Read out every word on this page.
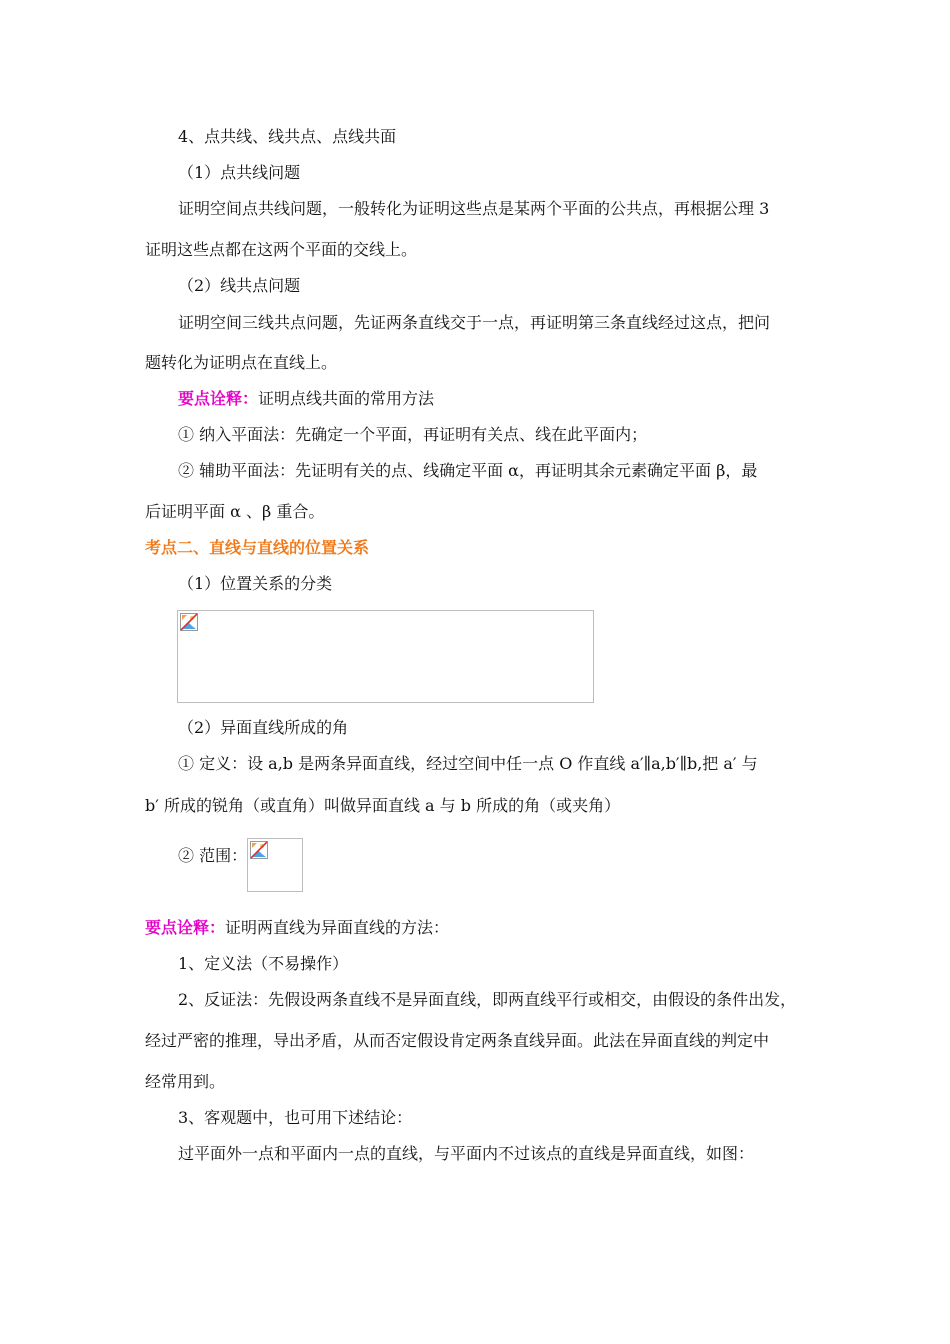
4、点共线、线共点、点线共面
（1）点共线问题
证明空间点共线问题，一般转化为证明这些点是某两个平面的公共点，再根据公理 3
证明这些点都在这两个平面的交线上。
（2）线共点问题
证明空间三线共点问题，先证两条直线交于一点，再证明第三条直线经过这点，把问
题转化为证明点在直线上。
要点诠释：证明点线共面的常用方法
① 纳入平面法：先确定一个平面，再证明有关点、线在此平面内；
② 辅助平面法：先证明有关的点、线确定平面 α，再证明其余元素确定平面 β，最
后证明平面 α 、β 重合。
考点二、直线与直线的位置关系
（1）位置关系的分类
（2）异面直线所成的角
① 定义：设 a,b 是两条异面直线，经过空间中任一点 O 作直线 a′∥a,b′∥b,把 a′ 与
b′ 所成的锐角（或直角）叫做异面直线 a 与 b 所成的角（或夹角）
② 范围：
要点诠释：证明两直线为异面直线的方法：
1、定义法（不易操作）
2、反证法：先假设两条直线不是异面直线，即两直线平行或相交，由假设的条件出发，
经过严密的推理，导出矛盾，从而否定假设肯定两条直线异面。此法在异面直线的判定中
经常用到。
3、客观题中，也可用下述结论：
过平面外一点和平面内一点的直线，与平面内不过该点的直线是异面直线，如图：
